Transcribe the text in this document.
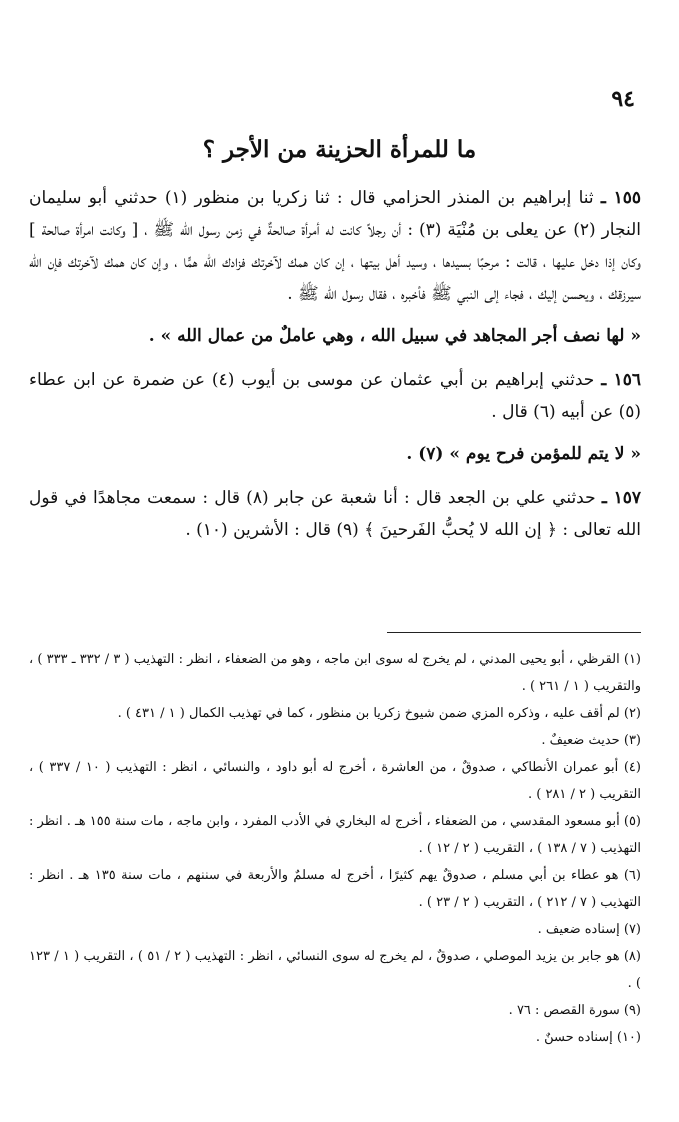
٩٤

ما للمرأة الحزينة من الأجر ؟

١٥٥ ـ ثنا إبراهيم بن المنذر الحزامي قال : ثنا زكريا بن منظور (١) حدثني أبو سليمان النجار (٢) عن يعلى بن مُنْيَة (٣) : أن رجلاً كانت له أمرأة صالحةٌ في زمن رسول الله ﷺ ، [ وكانت امرأة صالحة ] وكان إذا دخل عليها ، قالت : مرحبًا بسيدها ، وسيد أهل بيتها ، إن كان همك لآخرتك فزادك الله همًّا ، وإن كان همك لآخرتك فإن الله سيرزقك ، ويحسن إليك ، فجاء إلى النبي ﷺ فأخبره ، فقال رسول الله ﷺ .

« لها نصف أجر المجاهد في سبيل الله ، وهي عاملٌ من عمال الله » .

١٥٦ ـ حدثني إبراهيم بن أبي عثمان عن موسى بن أيوب (٤) عن ضمرة عن ابن عطاء (٥) عن أبيه (٦) قال .

« لا يتم للمؤمن فرح يوم » (٧) .

١٥٧ ـ حدثني علي بن الجعد قال : أنا شعبة عن جابر (٨) قال : سمعت مجاهدًا في قول الله تعالى : ﴿ إن الله لا يُحبُّ الفَرحينَ ﴾ (٩) قال : الأشرين (١٠) .

(١) القرظي ، أبو يحيى المدني ، لم يخرج له سوى ابن ماجه ، وهو من الضعفاء ، انظر : التهذيب ( ٣ / ٣٣٢ ـ ٣٣٣ ) ، والتقريب ( ١ / ٢٦١ ) .
(٢) لم أقف عليه ، وذكره المزي ضمن شيوخ زكريا بن منظور ، كما في تهذيب الكمال ( ١ / ٤٣١ ) .
(٣) حديث ضعيفٌ .
(٤) أبو عمران الأنطاكي ، صدوقٌ ، من العاشرة ، أخرج له أبو داود ، والنسائي ، انظر : التهذيب ( ١٠ / ٣٣٧ ) ، التقريب ( ٢ / ٢٨١ ) .
(٥) أبو مسعود المقدسي ، من الضعفاء ، أخرج له البخاري في الأدب المفرد ، وابن ماجه ، مات سنة ١٥٥ هـ . انظر : التهذيب ( ٧ / ١٣٨ ) ، التقريب ( ٢ / ١٢ ) .
(٦) هو عطاء بن أبي مسلم ، صدوقٌ يهم كثيرًا ، أخرج له مسلمٌ والأربعة في سننهم ، مات سنة ١٣٥ هـ . انظر : التهذيب ( ٧ / ٢١٢ ) ، التقريب ( ٢ / ٢٣ ) .
(٧) إسناده ضعيف .
(٨) هو جابر بن يزيد الموصلي ، صدوقٌ ، لم يخرج له سوى النسائي ، انظر : التهذيب ( ٢ / ٥١ ) ، التقريب ( ١ / ١٢٣ ) .
(٩) سورة القصص : ٧٦ .
(١٠) إسناده حسنٌ .
